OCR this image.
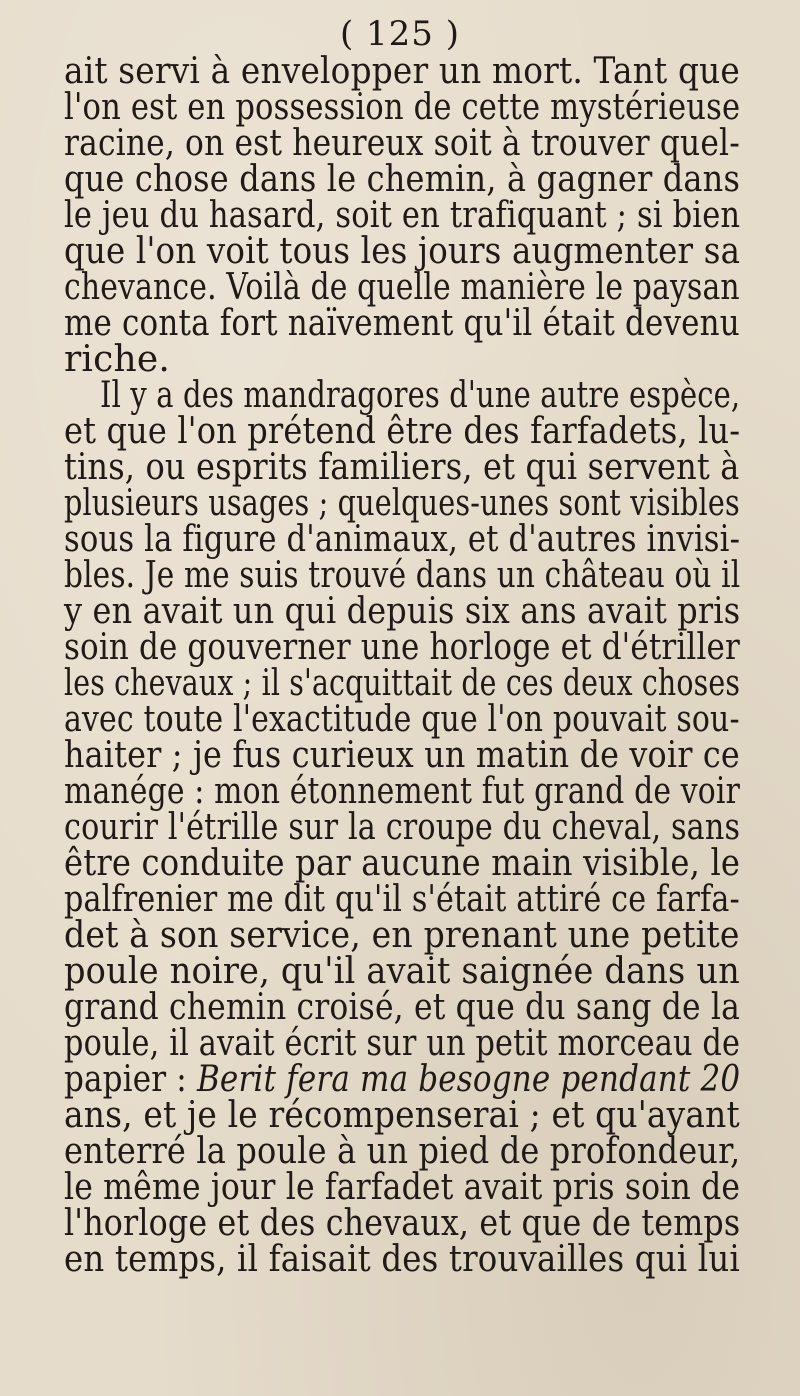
( 125 )
ait servi à envelopper un mort. Tant que
l'on est en possession de cette mystérieuse
racine, on est heureux soit à trouver quel-
que chose dans le chemin, à gagner dans
le jeu du hasard, soit en trafiquant ; si bien
que l'on voit tous les jours augmenter sa
chevance. Voilà de quelle manière le paysan
me conta fort naïvement qu'il était devenu
riche.
Il y a des mandragores d'une autre espèce,
et que l'on prétend être des farfadets, lu-
tins, ou esprits familiers, et qui servent à
plusieurs usages ; quelques-unes sont visibles
sous la figure d'animaux, et d'autres invisi-
bles. Je me suis trouvé dans un château où il
y en avait un qui depuis six ans avait pris
soin de gouverner une horloge et d'étriller
les chevaux ; il s'acquittait de ces deux choses
avec toute l'exactitude que l'on pouvait sou-
haiter ; je fus curieux un matin de voir ce
manége : mon étonnement fut grand de voir
courir l'étrille sur la croupe du cheval, sans
être conduite par aucune main visible, le
palfrenier me dit qu'il s'était attiré ce farfa-
det à son service, en prenant une petite
poule noire, qu'il avait saignée dans un
grand chemin croisé, et que du sang de la
poule, il avait écrit sur un petit morceau de
papier : Berit fera ma besogne pendant 20
ans, et je le récompenserai ; et qu'ayant
enterré la poule à un pied de profondeur,
le même jour le farfadet avait pris soin de
l'horloge et des chevaux, et que de temps
en temps, il faisait des trouvailles qui lui
